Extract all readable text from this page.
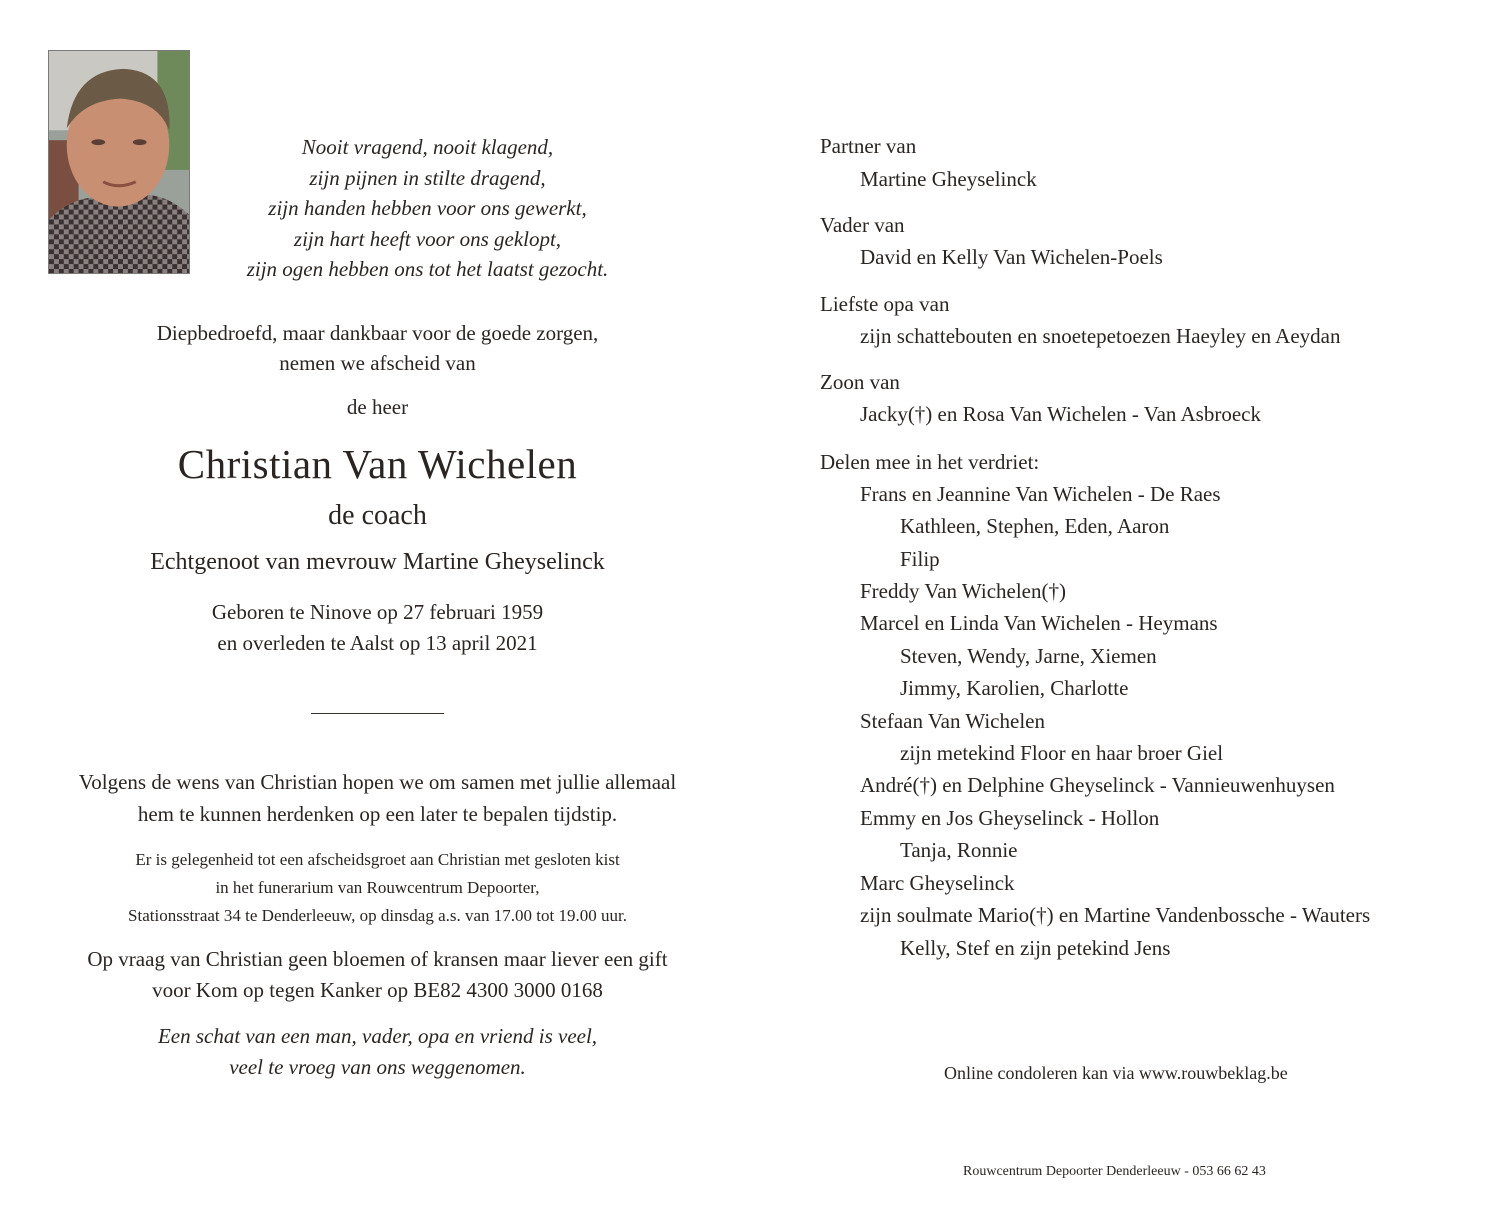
Nooit vragend, nooit klagend,
zijn pijnen in stilte dragend,
zijn handen hebben voor ons gewerkt,
zijn hart heeft voor ons geklopt,
zijn ogen hebben ons tot het laatst gezocht.
Diepbedroefd, maar dankbaar voor de goede zorgen,
nemen we afscheid van
de heer
Christian Van Wichelen
de coach
Echtgenoot van mevrouw Martine Gheyselinck
Geboren te Ninove op 27 februari 1959
en overleden te Aalst op 13 april 2021
Volgens de wens van Christian hopen we om samen met jullie allemaal
hem te kunnen herdenken op een later te bepalen tijdstip.
Er is gelegenheid tot een afscheidsgroet aan Christian met gesloten kist
in het funerarium van Rouwcentrum Depoorter,
Stationsstraat 34 te Denderleeuw, op dinsdag a.s. van 17.00 tot 19.00 uur.
Op vraag van Christian geen bloemen of kransen maar liever een gift
voor Kom op tegen Kanker op BE82 4300 3000 0168
Een schat van een man, vader, opa en vriend is veel,
veel te vroeg van ons weggenomen.
Partner van
Martine Gheyselinck
Vader van
David en Kelly Van Wichelen-Poels
Liefste opa van
zijn schattebouten en snoetepetoezen Haeyley en Aeydan
Zoon van
Jacky(†) en Rosa Van Wichelen - Van Asbroeck
Delen mee in het verdriet:
Frans en Jeannine Van Wichelen - De Raes
Kathleen, Stephen, Eden, Aaron
Filip
Freddy Van Wichelen(†)
Marcel en Linda Van Wichelen - Heymans
Steven, Wendy, Jarne, Xiemen
Jimmy, Karolien, Charlotte
Stefaan Van Wichelen
zijn metekind Floor en haar broer Giel
André(†) en Delphine Gheyselinck - Vannieuwenhuysen
Emmy en Jos Gheyselinck - Hollon
Tanja, Ronnie
Marc Gheyselinck
zijn soulmate Mario(†) en Martine Vandenbossche - Wauters
Kelly, Stef en zijn petekind Jens
Online condoleren kan via www.rouwbeklag.be
Rouwcentrum Depoorter Denderleeuw - 053 66 62 43
